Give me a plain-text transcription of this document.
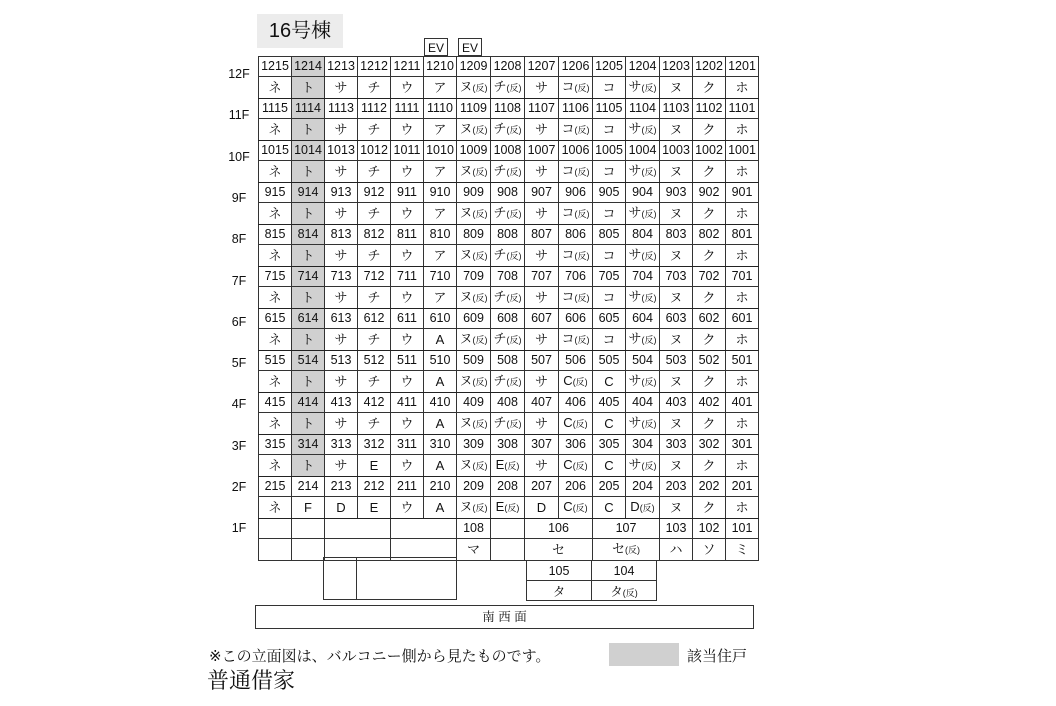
16号棟
EV	EV
12F
11F
10F
9F
8F
7F
6F
5F
4F
3F
2F
1F
1215	1214	1213	1212	1211	1210	1209	1208	1207	1206	1205	1204	1203	1202	1201
ネ	ト	サ	チ	ウ	ア	ヌ(反)	チ(反)	サ	コ(反)	コ	サ(反)	ヌ	ク	ホ
1115	1114	1113	1112	1111	1110	1109	1108	1107	1106	1105	1104	1103	1102	1101
ネ	ト	サ	チ	ウ	ア	ヌ(反)	チ(反)	サ	コ(反)	コ	サ(反)	ヌ	ク	ホ
1015	1014	1013	1012	1011	1010	1009	1008	1007	1006	1005	1004	1003	1002	1001
ネ	ト	サ	チ	ウ	ア	ヌ(反)	チ(反)	サ	コ(反)	コ	サ(反)	ヌ	ク	ホ
915	914	913	912	911	910	909	908	907	906	905	904	903	902	901
ネ	ト	サ	チ	ウ	ア	ヌ(反)	チ(反)	サ	コ(反)	コ	サ(反)	ヌ	ク	ホ
815	814	813	812	811	810	809	808	807	806	805	804	803	802	801
ネ	ト	サ	チ	ウ	ア	ヌ(反)	チ(反)	サ	コ(反)	コ	サ(反)	ヌ	ク	ホ
715	714	713	712	711	710	709	708	707	706	705	704	703	702	701
ネ	ト	サ	チ	ウ	ア	ヌ(反)	チ(反)	サ	コ(反)	コ	サ(反)	ヌ	ク	ホ
615	614	613	612	611	610	609	608	607	606	605	604	603	602	601
ネ	ト	サ	チ	ウ	A	ヌ(反)	チ(反)	サ	コ(反)	コ	サ(反)	ヌ	ク	ホ
515	514	513	512	511	510	509	508	507	506	505	504	503	502	501
ネ	ト	サ	チ	ウ	A	ヌ(反)	チ(反)	サ	C(反)	C	サ(反)	ヌ	ク	ホ
415	414	413	412	411	410	409	408	407	406	405	404	403	402	401
ネ	ト	サ	チ	ウ	A	ヌ(反)	チ(反)	サ	C(反)	C	サ(反)	ヌ	ク	ホ
315	314	313	312	311	310	309	308	307	306	305	304	303	302	301
ネ	ト	サ	E	ウ	A	ヌ(反)	E(反)	サ	C(反)	C	サ(反)	ヌ	ク	ホ
215	214	213	212	211	210	209	208	207	206	205	204	203	202	201
ネ	F	D	E	ウ	A	ヌ(反)	E(反)	D	C(反)	C	D(反)	ヌ	ク	ホ
						108		106		107		103	102	101
						マ		セ		セ(反)		ハ	ソ	ミ
105	104
タ	タ(反)
南 西 面
※この立面図は、バルコニー側から見たものです。	該当住戸
普通借家
